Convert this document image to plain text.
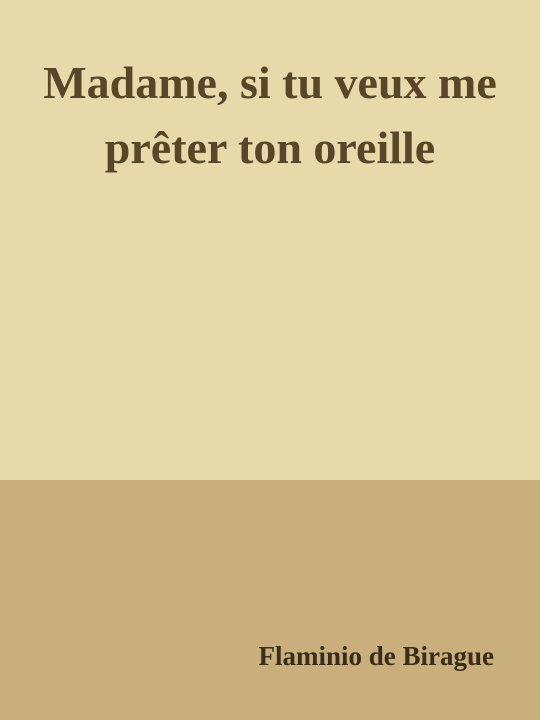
Madame, si tu veux me prêter ton oreille

Flaminio de Birague
